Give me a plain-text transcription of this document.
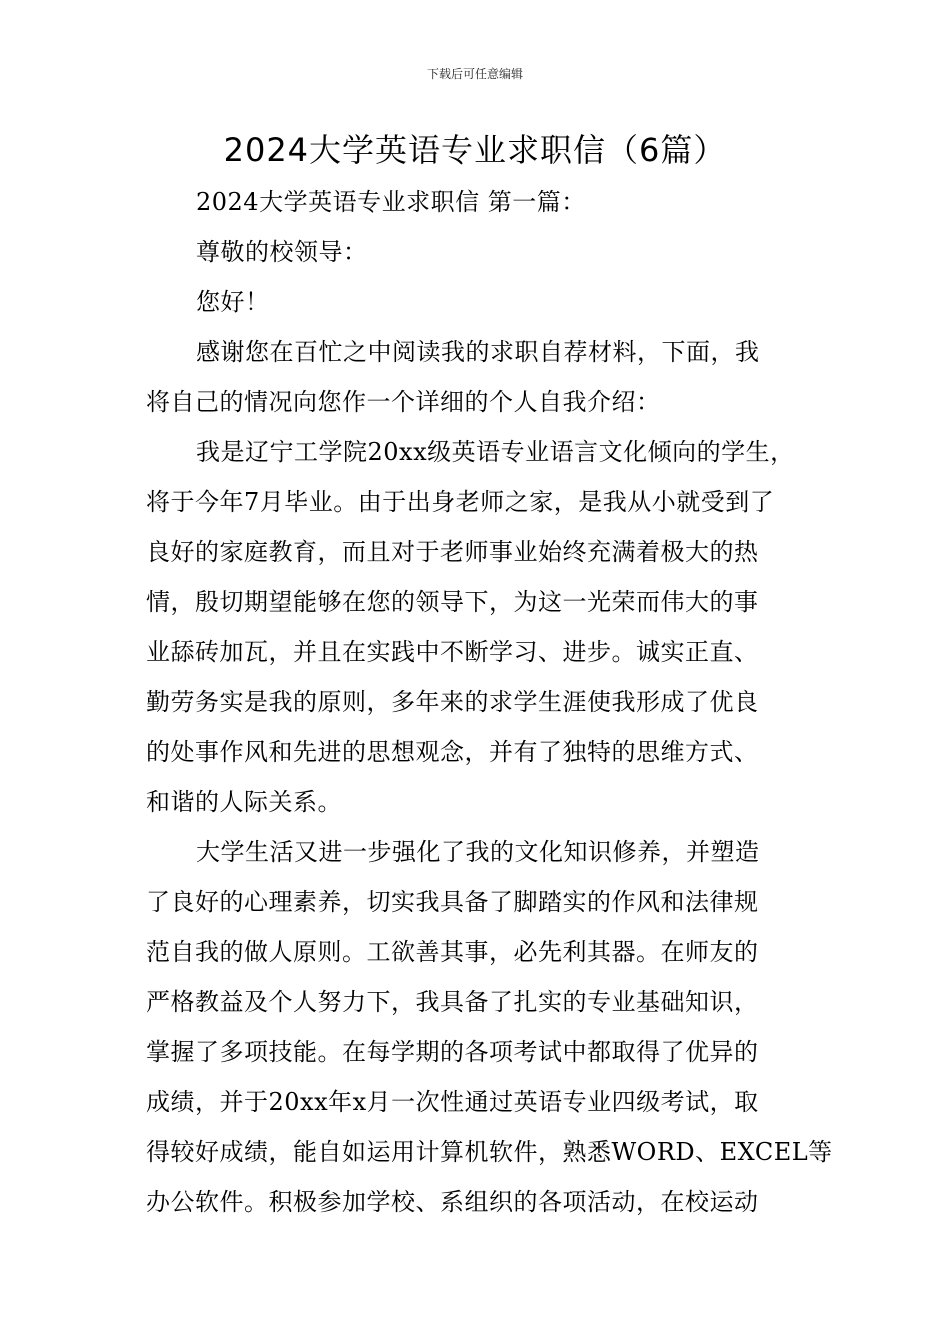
下载后可任意编辑
2024大学英语专业求职信（6篇）
2024大学英语专业求职信 第一篇：
尊敬的校领导：
您好！
感谢您在百忙之中阅读我的求职自荐材料，下面，我
将自己的情况向您作一个详细的个人自我介绍：
我是辽宁工学院20xx级英语专业语言文化倾向的学生，
将于今年7月毕业。由于出身老师之家，是我从小就受到了
良好的家庭教育，而且对于老师事业始终充满着极大的热
情，殷切期望能够在您的领导下，为这一光荣而伟大的事
业舔砖加瓦，并且在实践中不断学习、进步。诚实正直、
勤劳务实是我的原则，多年来的求学生涯使我形成了优良
的处事作风和先进的思想观念，并有了独特的思维方式、
和谐的人际关系。
大学生活又进一步强化了我的文化知识修养，并塑造
了良好的心理素养，切实我具备了脚踏实的作风和法律规
范自我的做人原则。工欲善其事，必先利其器。在师友的
严格教益及个人努力下，我具备了扎实的专业基础知识，
掌握了多项技能。在每学期的各项考试中都取得了优异的
成绩，并于20xx年x月一次性通过英语专业四级考试，取
得较好成绩，能自如运用计算机软件，熟悉WORD、EXCEL等
办公软件。积极参加学校、系组织的各项活动，在校运动
